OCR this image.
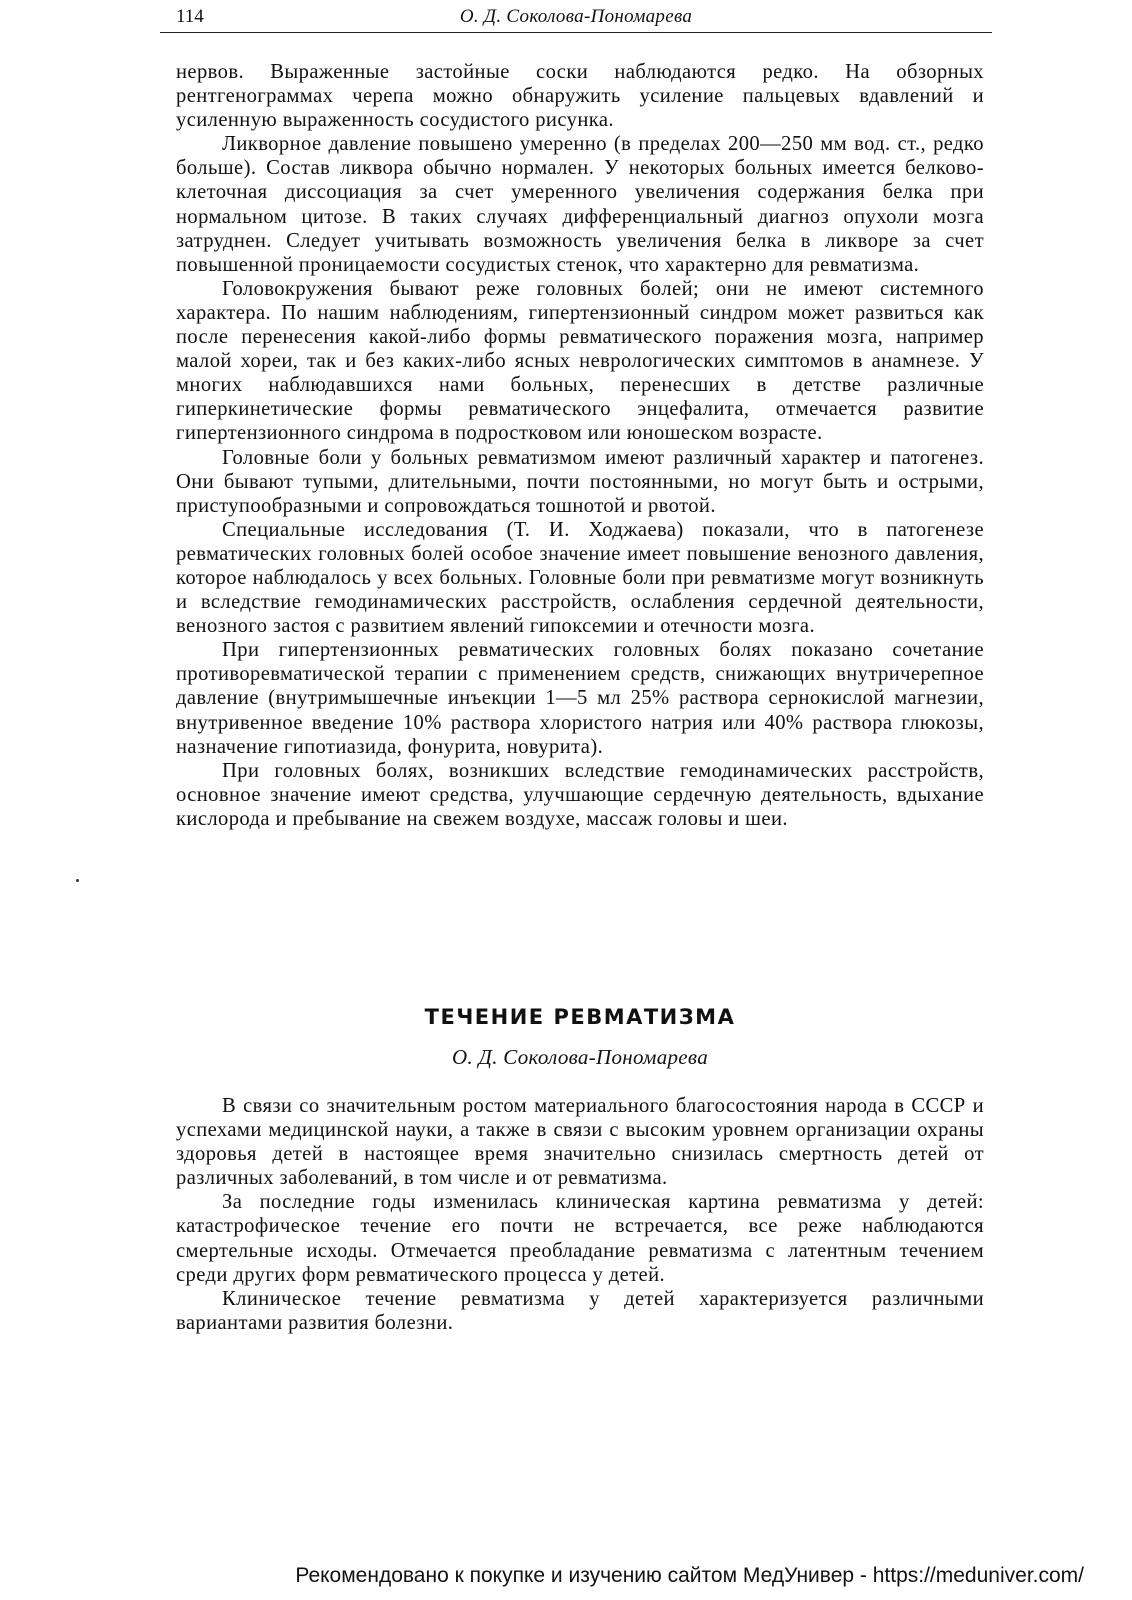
114	О. Д. Соколова-Пономарева

нервов. Выраженные застойные соски наблюдаются редко. На обзорных рентгенограммах черепа можно обнаружить усиление пальцевых вдавлений и усиленную выраженность сосудистого рисунка.

Ликворное давление повышено умеренно (в пределах 200—250 мм вод. ст., редко больше). Состав ликвора обычно нормален. У некоторых больных имеется белково-клеточная диссоциация за счет умеренного увеличения содержания белка при нормальном цитозе. В таких случаях дифференциальный диагноз опухоли мозга затруднен. Следует учитывать возможность увеличения белка в ликворе за счет повышенной проницаемости сосудистых стенок, что характерно для ревматизма.

Головокружения бывают реже головных болей; они не имеют системного характера. По нашим наблюдениям, гипертензионный синдром может развиться как после перенесения какой-либо формы ревматического поражения мозга, например малой хореи, так и без каких-либо ясных неврологических симптомов в анамнезе. У многих наблюдавшихся нами больных, перенесших в детстве различные гиперкинетические формы ревматического энцефалита, отмечается развитие гипертензионного синдрома в подростковом или юношеском возрасте.

Головные боли у больных ревматизмом имеют различный характер и патогенез. Они бывают тупыми, длительными, почти постоянными, но могут быть и острыми, приступообразными и сопровождаться тошнотой и рвотой.

Специальные исследования (Т. И. Ходжаева) показали, что в патогенезе ревматических головных болей особое значение имеет повышение венозного давления, которое наблюдалось у всех больных. Головные боли при ревматизме могут возникнуть и вследствие гемодинамических расстройств, ослабления сердечной деятельности, венозного застоя с развитием явлений гипоксемии и отечности мозга.

При гипертензионных ревматических головных болях показано сочетание противоревматической терапии с применением средств, снижающих внутричерепное давление (внутримышечные инъекции 1—5 мл 25% раствора сернокислой магнезии, внутривенное введение 10% раствора хлористого натрия или 40% раствора глюкозы, назначение гипотиазида, фонурита, новурита).

При головных болях, возникших вследствие гемодинамических расстройств, основное значение имеют средства, улучшающие сердечную деятельность, вдыхание кислорода и пребывание на свежем воздухе, массаж головы и шеи.

ТЕЧЕНИЕ РЕВМАТИЗМА
О. Д. Соколова-Пономарева

В связи со значительным ростом материального благосостояния народа в СССР и успехами медицинской науки, а также в связи с высоким уровнем организации охраны здоровья детей в настоящее время значительно снизилась смертность детей от различных заболеваний, в том числе и от ревматизма.

За последние годы изменилась клиническая картина ревматизма у детей: катастрофическое течение его почти не встречается, все реже наблюдаются смертельные исходы. Отмечается преобладание ревматизма с латентным течением среди других форм ревматического процесса у детей.

Клиническое течение ревматизма у детей характеризуется различными вариантами развития болезни.

Рекомендовано к покупке и изучению сайтом МедУнивер - https://meduniver.com/
